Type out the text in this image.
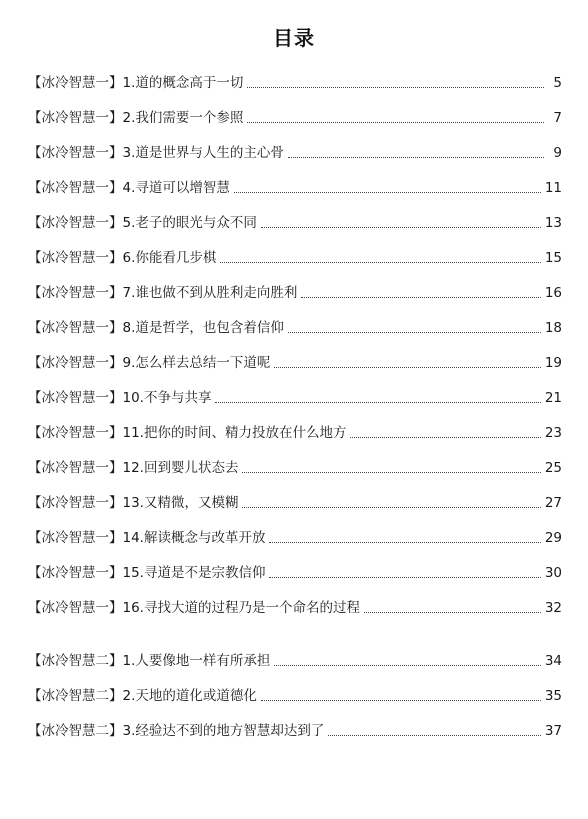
目录
【冰冷智慧一】 1.道的概念高于一切	5
【冰冷智慧一】 2.我们需要一个参照	7
【冰冷智慧一】 3.道是世界与人生的主心骨	9
【冰冷智慧一】 4.寻道可以增智慧	11
【冰冷智慧一】 5.老子的眼光与众不同	13
【冰冷智慧一】 6.你能看几步棋	15
【冰冷智慧一】 7.谁也做不到从胜利走向胜利	16
【冰冷智慧一】 8.道是哲学，也包含着信仰	18
【冰冷智慧一】 9.怎么样去总结一下道呢	19
【冰冷智慧一】 10.不争与共享	21
【冰冷智慧一】 11.把你的时间、精力投放在什么地方	23
【冰冷智慧一】 12.回到婴儿状态去	25
【冰冷智慧一】 13.又精微，又模糊	27
【冰冷智慧一】 14.解读概念与改革开放	29
【冰冷智慧一】 15.寻道是不是宗教信仰	30
【冰冷智慧一】 16.寻找大道的过程乃是一个命名的过程	32
【冰冷智慧二】 1.人要像地一样有所承担	34
【冰冷智慧二】 2.天地的道化或道德化	35
【冰冷智慧二】 3.经验达不到的地方智慧却达到了	37
